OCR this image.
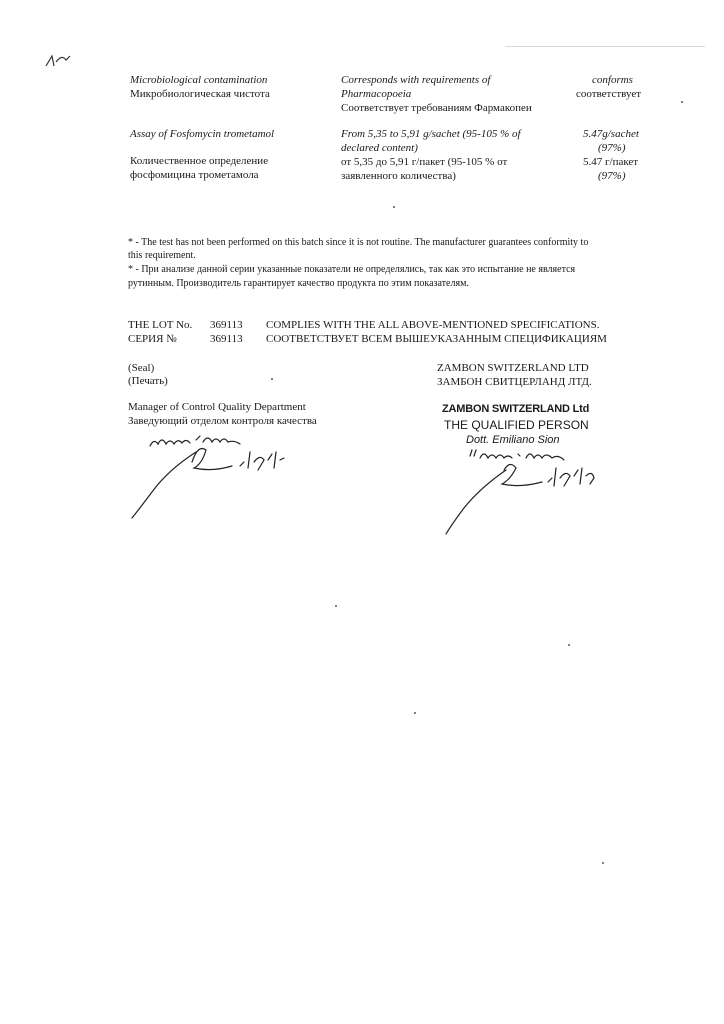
Microbiological contamination
Микробиологическая чистота
Corresponds with requirements of
Pharmacopoeia
Соответствует требованиям Фармакопеи
conforms
соответствует
Assay of Fosfomycin trometamol
Количественное определение
фосфомицина трометамола
From 5,35 to 5,91 g/sachet (95-105 % of
declared content)
от 5,35 до 5,91 г/пакет (95-105 % от
заявленного количества)
5.47g/sachet
(97%)
5.47 г/пакет
(97%)
* - The test has not been performed on this batch since it is not routine. The manufacturer guarantees conformity to
this requirement.
* - При анализе данной серии указанные показатели не определялись, так как это испытание не является
рутинным. Производитель гарантирует качество продукта по этим показателям.
THE LOT No.
СЕРИЯ №
369113
369113
COMPLIES WITH THE ALL ABOVE-MENTIONED SPECIFICATIONS.
СООТВЕТСТВУЕТ ВСЕМ ВЫШЕУКАЗАННЫМ СПЕЦИФИКАЦИЯМ
(Seal)
(Печать)
ZAMBON SWITZERLAND LTD
ЗАМБОН СВИТЦЕРЛАНД ЛТД.
Manager of Control Quality Department
Заведующий отделом контроля качества
ZAMBON SWITZERLAND Ltd
THE QUALIFIED PERSON
Dott. Emiliano Sion
